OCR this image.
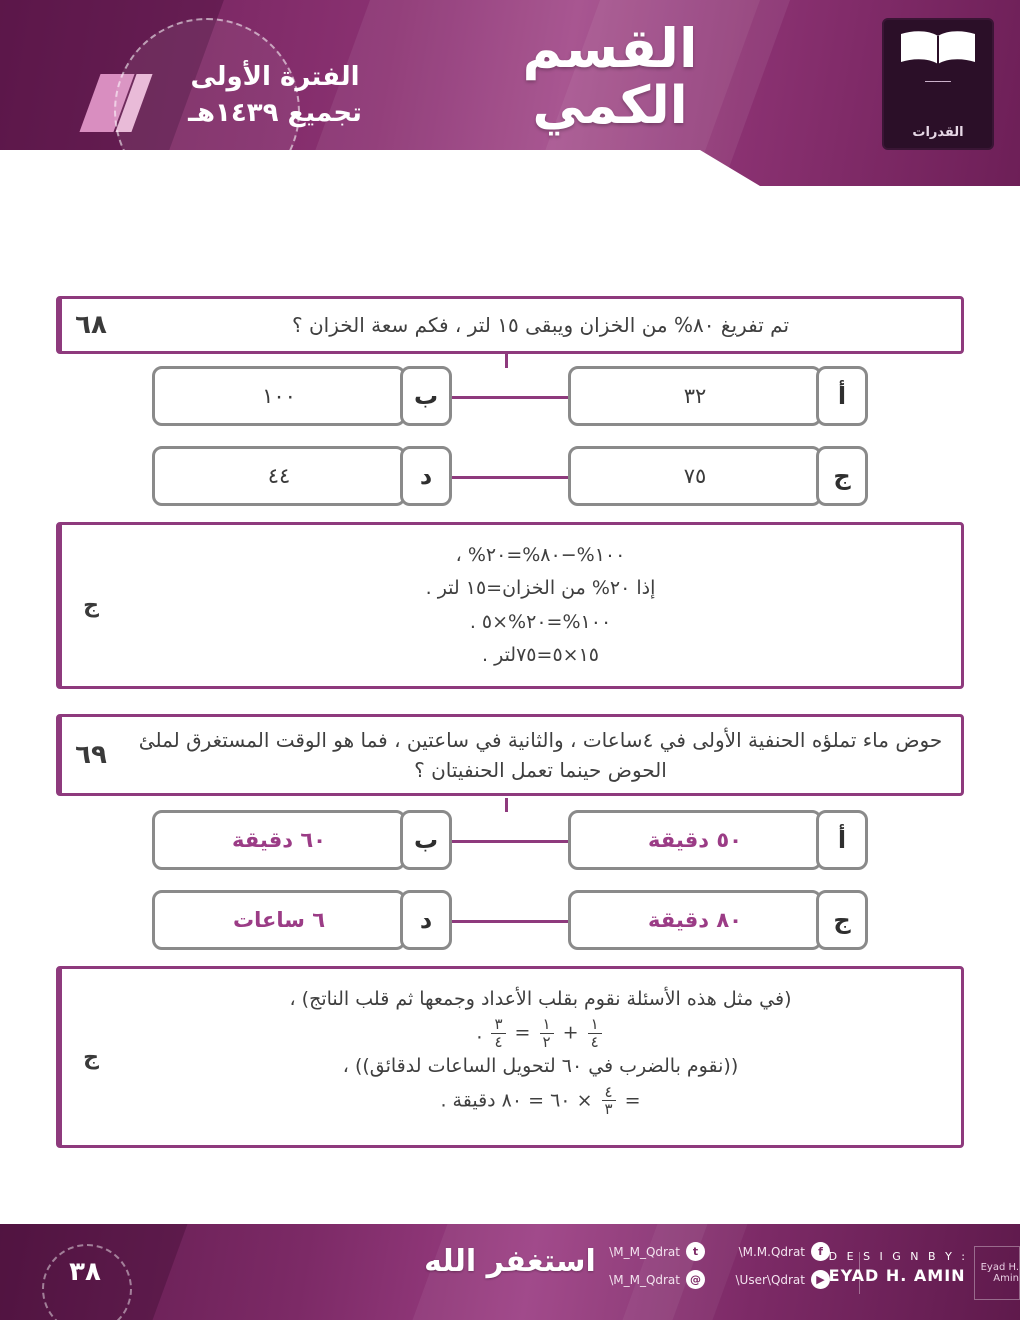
القسم
الكمي
الفترة الأولى
تجميع ١٤٣٩هـ
ــــــــ
القدرات
تم تفريغ ٨٠% من الخزان ويبقى ١٥ لتر ، فكم سعة الخزان ؟
٦٨
أ
٣٢
ب
١٠٠
ج
٧٥
د
٤٤
١٠٠%−٨٠%=٢٠% ،
إذا ٢٠% من الخزان=١٥ لتر .
١٠٠%=٢٠%×٥ .
١٥×٥=٧٥لتر .
ج
حوض ماء تملؤه الحنفية الأولى في ٤ساعات ، والثانية في ساعتين ، فما هو الوقت المستغرق لملئ الحوض حينما تعمل الحنفيتان ؟
٦٩
أ
٥٠ دقيقة
ب
٦٠ دقيقة
ج
٨٠ دقيقة
د
٦ ساعات
(في مثل هذه الأسئلة نقوم بقلب الأعداد وجمعها ثم قلب الناتج) ،
$\frac{١}{٤}$
+
$\frac{١}{٢}$
=
$\frac{٣}{٤}$
.
((نقوم بالضرب في ٦٠ لتحويل الساعات لدقائق)) ،
=
$\frac{٤}{٣}$
× ٦٠ = ٨٠ دقيقة .
ج
٣٨	استغفر الله	f
\M.M.Qdrat
t
\M_M_Qdrat
▶
\User\Qdrat
@
\M_M_Qdrat
D E S I G N B Y :
EYAD H. AMIN	Eyad H. Amin
